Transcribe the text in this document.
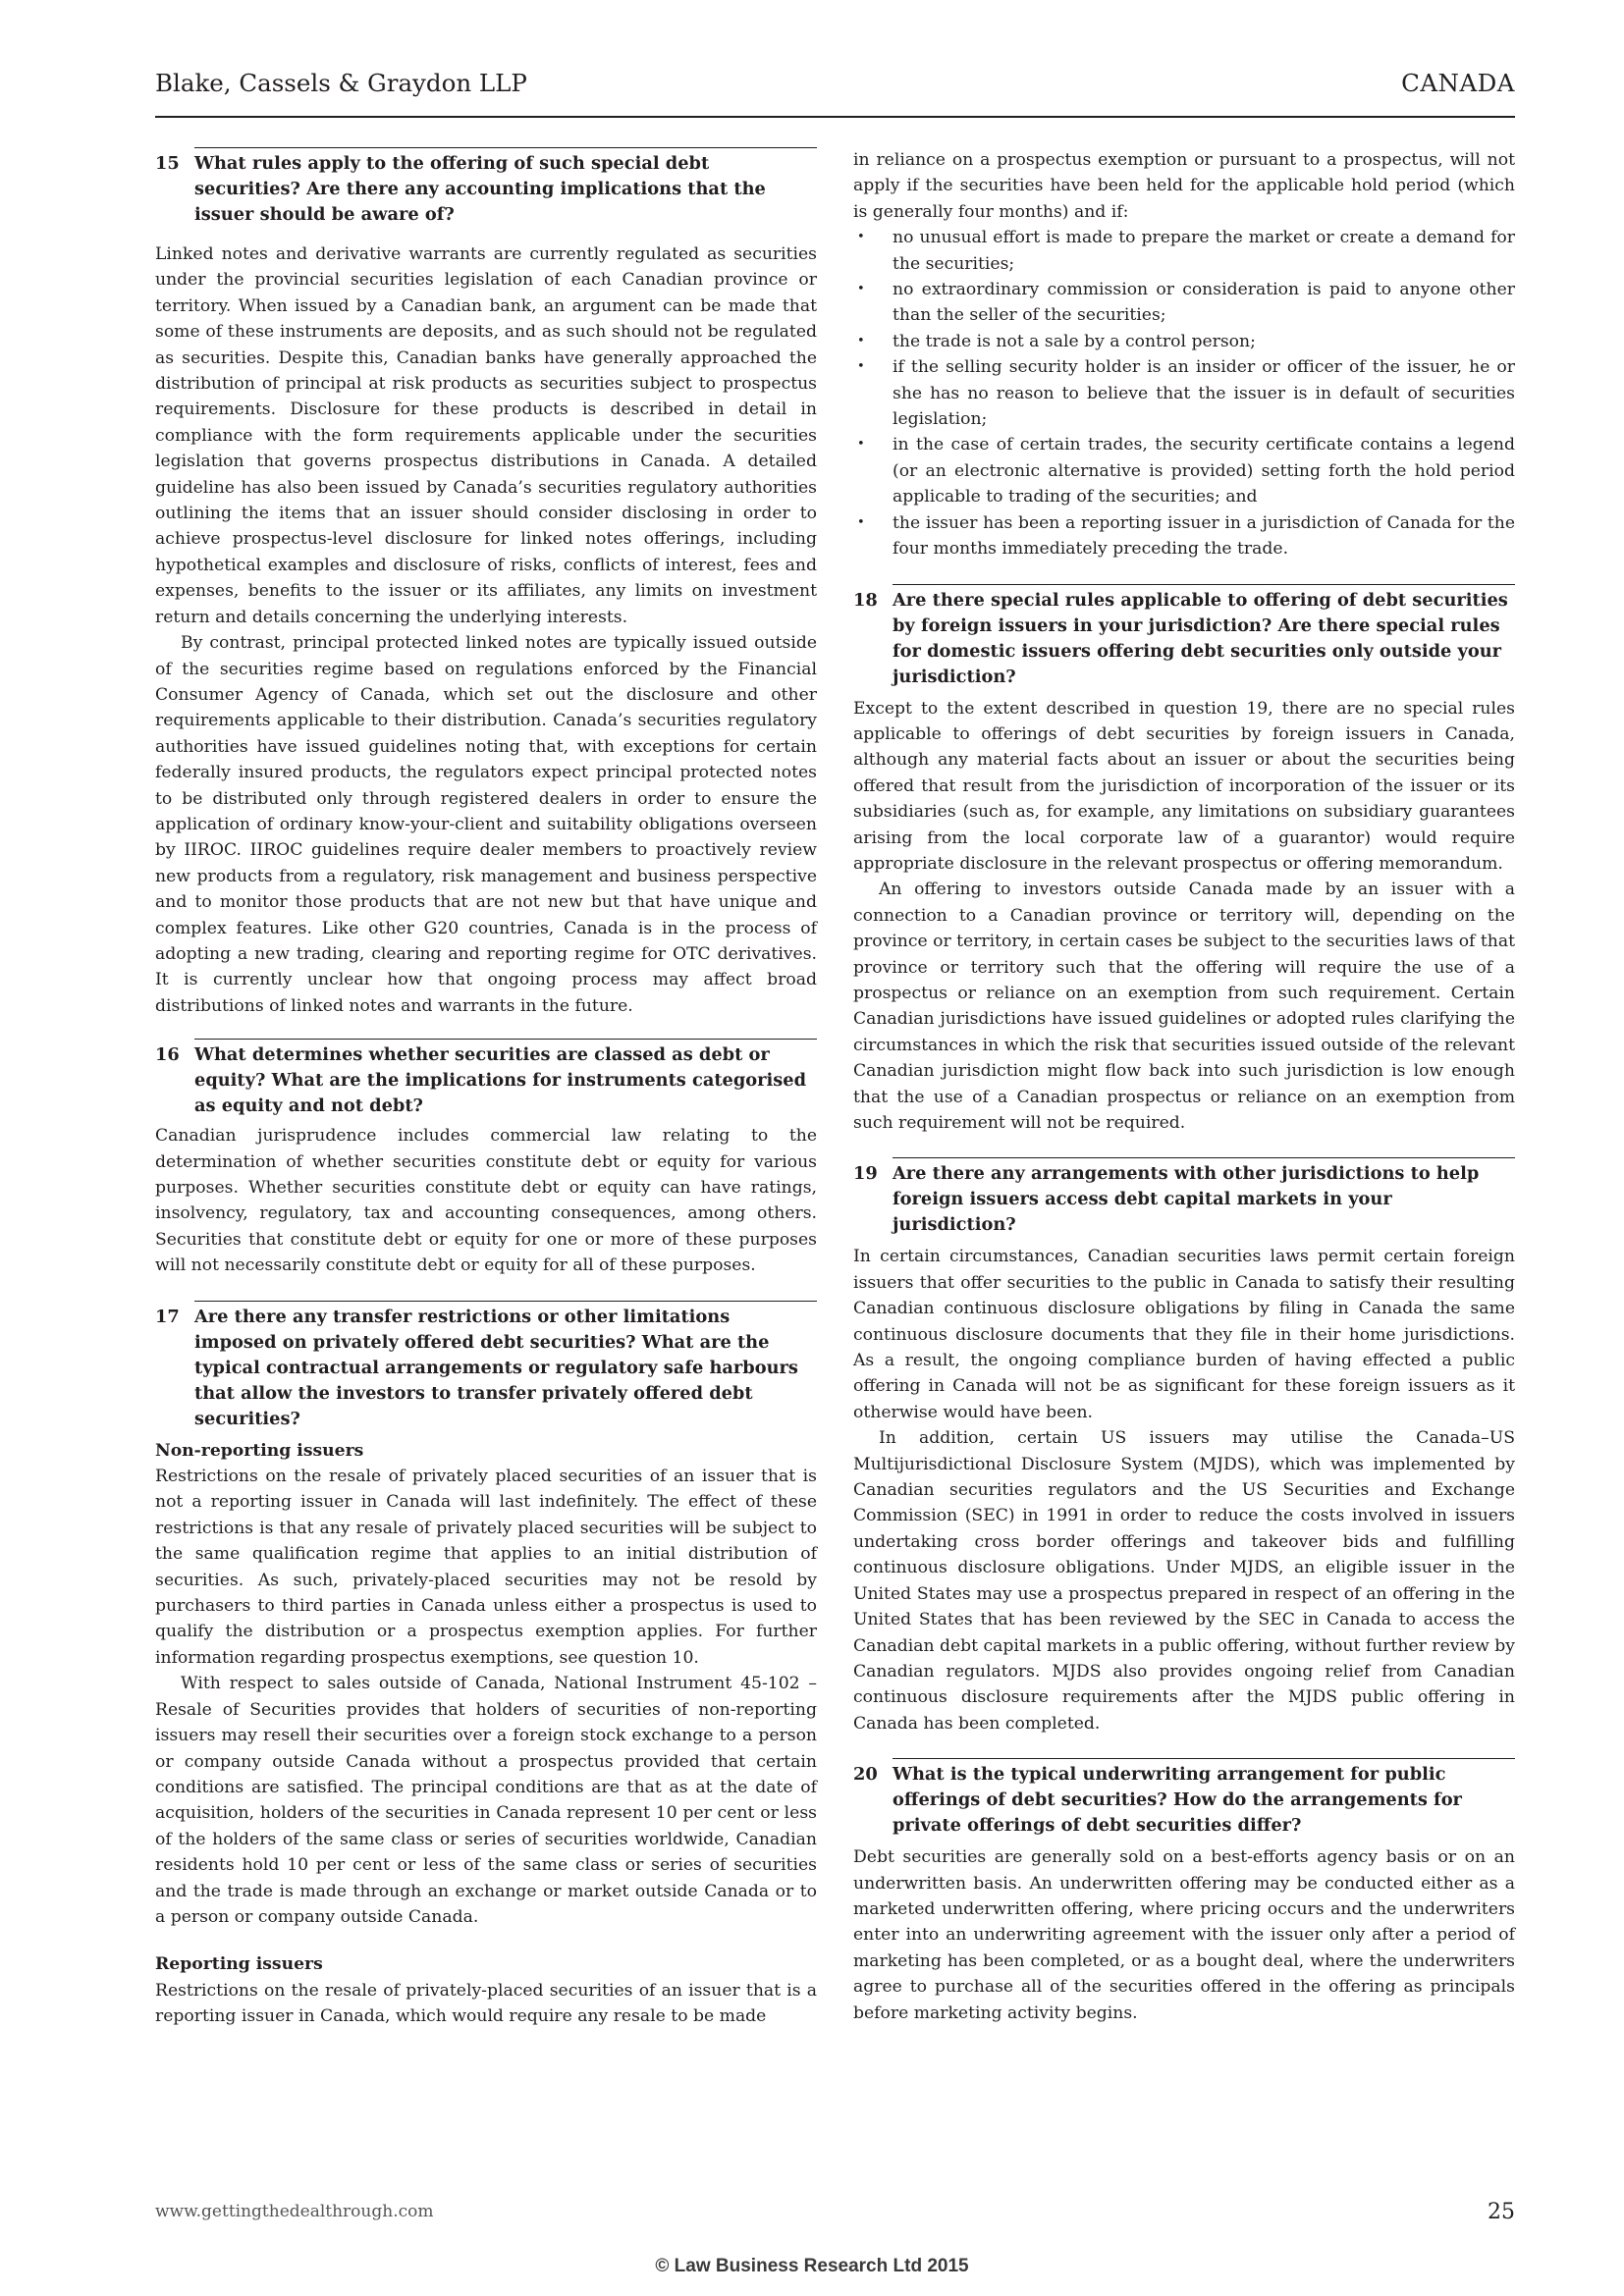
Blake, Cassels & Graydon LLP	CANADA
15 What rules apply to the offering of such special debt securities? Are there any accounting implications that the issuer should be aware of?

Linked notes and derivative warrants are currently regulated as securities under the provincial securities legislation of each Canadian province or territory. When issued by a Canadian bank, an argument can be made that some of these instruments are deposits, and as such should not be regulated as securities. Despite this, Canadian banks have generally approached the distribution of principal at risk products as securities subject to prospectus requirements. Disclosure for these products is described in detail in compliance with the form requirements applicable under the securities legislation that governs prospectus distributions in Canada. A detailed guideline has also been issued by Canada’s securities regulatory authorities outlining the items that an issuer should consider disclosing in order to achieve prospectus-level disclosure for linked notes offerings, including hypothetical examples and disclosure of risks, conflicts of interest, fees and expenses, benefits to the issuer or its affiliates, any limits on investment return and details concerning the underlying interests.

By contrast, principal protected linked notes are typically issued outside of the securities regime based on regulations enforced by the Financial Consumer Agency of Canada, which set out the disclosure and other requirements applicable to their distribution. Canada’s securities regulatory authorities have issued guidelines noting that, with exceptions for certain federally insured products, the regulators expect principal protected notes to be distributed only through registered dealers in order to ensure the application of ordinary know-your-client and suitability obligations overseen by IIROC. IIROC guidelines require dealer members to proactively review new products from a regulatory, risk management and business perspective and to monitor those products that are not new but that have unique and complex features. Like other G20 countries, Canada is in the process of adopting a new trading, clearing and reporting regime for OTC derivatives. It is currently unclear how that ongoing process may affect broad distributions of linked notes and warrants in the future.

16 What determines whether securities are classed as debt or equity? What are the implications for instruments categorised as equity and not debt?

Canadian jurisprudence includes commercial law relating to the determination of whether securities constitute debt or equity for various purposes. Whether securities constitute debt or equity can have ratings, insolvency, regulatory, tax and accounting consequences, among others. Securities that constitute debt or equity for one or more of these purposes will not necessarily constitute debt or equity for all of these purposes.

17 Are there any transfer restrictions or other limitations imposed on privately offered debt securities? What are the typical contractual arrangements or regulatory safe harbours that allow the investors to transfer privately offered debt securities?
Non-reporting issuers

Restrictions on the resale of privately placed securities of an issuer that is not a reporting issuer in Canada will last indefinitely. The effect of these restrictions is that any resale of privately placed securities will be subject to the same qualification regime that applies to an initial distribution of securities. As such, privately-placed securities may not be resold by purchasers to third parties in Canada unless either a prospectus is used to qualify the distribution or a prospectus exemption applies. For further information regarding prospectus exemptions, see question 10.

With respect to sales outside of Canada, National Instrument 45-102 – Resale of Securities provides that holders of securities of non-reporting issuers may resell their securities over a foreign stock exchange to a person or company outside Canada without a prospectus provided that certain conditions are satisfied. The principal conditions are that as at the date of acquisition, holders of the securities in Canada represent 10 per cent or less of the holders of the same class or series of securities worldwide, Canadian residents hold 10 per cent or less of the same class or series of securities and the trade is made through an exchange or market outside Canada or to a person or company outside Canada.

Reporting issuers

Restrictions on the resale of privately-placed securities of an issuer that is a reporting issuer in Canada, which would require any resale to be made

in reliance on a prospectus exemption or pursuant to a prospectus, will not apply if the securities have been held for the applicable hold period (which is generally four months) and if:

• no unusual effort is made to prepare the market or create a demand for the securities;
• no extraordinary commission or consideration is paid to anyone other than the seller of the securities;
• the trade is not a sale by a control person;
• if the selling security holder is an insider or officer of the issuer, he or she has no reason to believe that the issuer is in default of securities legislation;
• in the case of certain trades, the security certificate contains a legend (or an electronic alternative is provided) setting forth the hold period applicable to trading of the securities; and
• the issuer has been a reporting issuer in a jurisdiction of Canada for the four months immediately preceding the trade.
18 Are there special rules applicable to offering of debt securities by foreign issuers in your jurisdiction? Are there special rules for domestic issuers offering debt securities only outside your jurisdiction?

Except to the extent described in question 19, there are no special rules applicable to offerings of debt securities by foreign issuers in Canada, although any material facts about an issuer or about the securities being offered that result from the jurisdiction of incorporation of the issuer or its subsidiaries (such as, for example, any limitations on subsidiary guarantees arising from the local corporate law of a guarantor) would require appropriate disclosure in the relevant prospectus or offering memorandum.

An offering to investors outside Canada made by an issuer with a connection to a Canadian province or territory will, depending on the province or territory, in certain cases be subject to the securities laws of that province or territory such that the offering will require the use of a prospectus or reliance on an exemption from such requirement. Certain Canadian jurisdictions have issued guidelines or adopted rules clarifying the circumstances in which the risk that securities issued outside of the relevant Canadian jurisdiction might flow back into such jurisdiction is low enough that the use of a Canadian prospectus or reliance on an exemption from such requirement will not be required.

19 Are there any arrangements with other jurisdictions to help foreign issuers access debt capital markets in your jurisdiction?

In certain circumstances, Canadian securities laws permit certain foreign issuers that offer securities to the public in Canada to satisfy their resulting Canadian continuous disclosure obligations by filing in Canada the same continuous disclosure documents that they file in their home jurisdictions. As a result, the ongoing compliance burden of having effected a public offering in Canada will not be as significant for these foreign issuers as it otherwise would have been.

In addition, certain US issuers may utilise the Canada–US Multijurisdictional Disclosure System (MJDS), which was implemented by Canadian securities regulators and the US Securities and Exchange Commission (SEC) in 1991 in order to reduce the costs involved in issuers undertaking cross border offerings and takeover bids and fulfilling continuous disclosure obligations. Under MJDS, an eligible issuer in the United States may use a prospectus prepared in respect of an offering in the United States that has been reviewed by the SEC in Canada to access the Canadian debt capital markets in a public offering, without further review by Canadian regulators. MJDS also provides ongoing relief from Canadian continuous disclosure requirements after the MJDS public offering in Canada has been completed.

20 What is the typical underwriting arrangement for public offerings of debt securities? How do the arrangements for private offerings of debt securities differ?

Debt securities are generally sold on a best-efforts agency basis or on an underwritten basis. An underwritten offering may be conducted either as a marketed underwritten offering, where pricing occurs and the underwriters enter into an underwriting agreement with the issuer only after a period of marketing has been completed, or as a bought deal, where the underwriters agree to purchase all of the securities offered in the offering as principals before marketing activity begins.

www.gettingthedealthrough.com	25
© Law Business Research Ltd 2015
